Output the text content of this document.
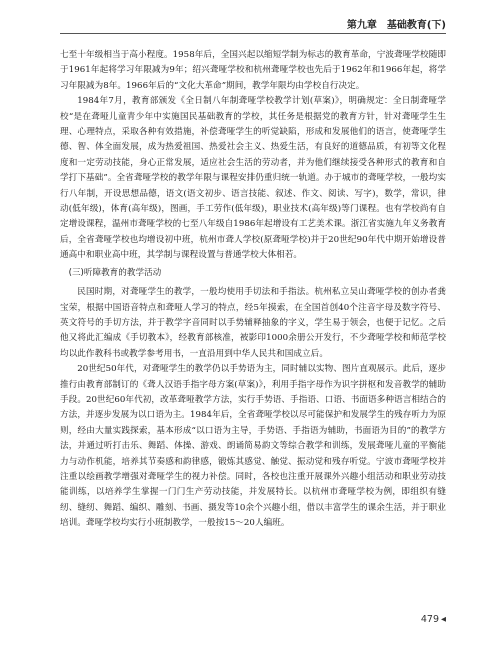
第九章　基础教育(下)

七至十年级相当于高小程度。1958年后，全国兴起以缩短学制为标志的教育革命，宁波聋哑学校随即于1961年起将学习年限减为9年；绍兴聋哑学校和杭州聋哑学校也先后于1962年和1966年起，将学习年限减为8年。1966年后的“文化大革命”期间，教学年限均由学校自行决定。

1984年7月，教育部颁发《全日制八年制聋哑学校教学计划(草案)》，明确规定：全日制聋哑学校“是在聋哑儿童青少年中实施国民基础教育的学校，其任务是根据党的教育方针，针对聋哑学生生理、心理特点，采取各种有效措施，补偿聋哑学生的听觉缺陷，形成和发展他们的语言，使聋哑学生德、智、体全面发展，成为热爱祖国、热爱社会主义、热爱生活，有良好的道德品质，有初等文化程度和一定劳动技能，身心正常发展，适应社会生活的劳动者，并为他们继续接受各种形式的教育和自学打下基础”。全省聋哑学校的教学年限与课程安排仍重归统一轨道。办于城市的聋哑学校，一般均实行八年制，开设思想品德，语文(语文初步、语言技能、叙述、作文、阅读、写字)，数学，常识，律动(低年级)，体育(高年级)，图画，手工劳作(低年级)，职业技术(高年级)等门课程。也有学校尚有自定增设课程，温州市聋哑学校的七至八年级自1986年起增设有工艺美术课。浙江省实施九年义务教育后，全省聋哑学校也均增设初中班，杭州市聋人学校(原聋哑学校)并于20世纪90年代中期开始增设普通高中和职业高中班，其学制与课程设置与普通学校大体相若。

(三)听障教育的教学活动

民国时期，对聋哑学生的教学，一般均使用手切法和手指法。杭州私立吴山聋哑学校的创办者龚宝荣，根据中国语音特点和聋哑人学习的特点，经5年摸索，在全国首创40个注音字母及数字符号、英文符号的手切方法，并于教学字音同时以手势辅释抽象的字义，学生易于领会，也便于记忆。之后他又将此汇编成《手切教本》，经教育部核准，被影印1000余册公开发行，不少聋哑学校和师范学校均以此作教科书或教学参考用书，一直沿用到中华人民共和国成立后。

20世纪50年代，对聋哑学生的教学仍以手势语为主，同时辅以实物、图片直观展示。此后，逐步推行由教育部制订的《聋人汉语手指字母方案(草案)》，利用手指字母作为识字拼枢和发音教学的辅助手段。20世纪60年代初，改革聋哑教学方法，实行手势语、手指语、口语、书面语多种语言相结合的方法，并逐步发展为以口语为主。1984年后，全省聋哑学校以尽可能保护和发展学生的残存听力为原则，经由大量实践探索，基本形成“以口语为主导，手势语、手指语为辅助，书面语为目的”的教学方法，并通过听打击乐、舞蹈、体操、游戏、朗诵简易韵文等综合教学和训练，发展聋哑儿童的平衡能力与动作机能，培养其节奏感和韵律感，锻炼其感觉、触觉、振动觉和残存听觉。宁波市聋哑学校并注重以绘画教学增强对聋哑学生的视力补偿。同时，各校也注重开展课外兴趣小组活动和职业劳动技能训练，以培养学生掌握一门门生产劳动技能，并发展特长。以杭州市聋哑学校为例，即组织有缝纫、缝纫、舞蹈、编织、雕刻、书画、摄发等10余个兴趣小组，借以丰富学生的课余生活，并于职业培训。聋哑学校均实行小班制教学，一般按15～20人编班。

479 ◀
